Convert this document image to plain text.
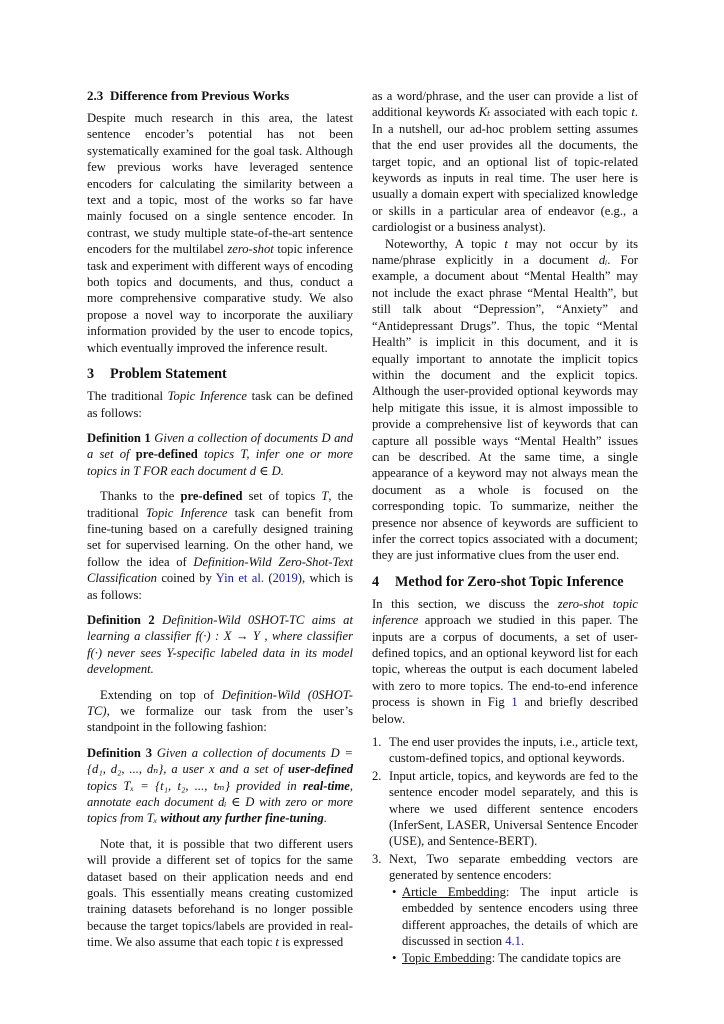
2.3 Difference from Previous Works

Despite much research in this area, the latest sentence encoder’s potential has not been systematically examined for the goal task. Although few previous works have leveraged sentence encoders for calculating the similarity between a text and a topic, most of the works so far have mainly focused on a single sentence encoder. In contrast, we study multiple state-of-the-art sentence encoders for the multilabel zero-shot topic inference task and experiment with different ways of encoding both topics and documents, and thus, conduct a more comprehensive comparative study. We also propose a novel way to incorporate the auxiliary information provided by the user to encode topics, which eventually improved the inference result.

3 Problem Statement

The traditional Topic Inference task can be defined as follows:

Definition 1 Given a collection of documents D and a set of pre-defined topics T, infer one or more topics in T FOR each document d ∈ D.

Thanks to the pre-defined set of topics T, the traditional Topic Inference task can benefit from fine-tuning based on a carefully designed training set for supervised learning. On the other hand, we follow the idea of Definition-Wild Zero-Shot-Text Classification coined by Yin et al. (2019), which is as follows:

Definition 2 Definition-Wild 0SHOT-TC aims at learning a classifier f(·) : X → Y , where classifier f(·) never sees Y-specific labeled data in its model development.

Extending on top of Definition-Wild (0SHOT-TC), we formalize our task from the user’s standpoint in the following fashion:

Definition 3 Given a collection of documents D = {d₁, d₂, ..., dₙ}, a user x and a set of user-defined topics Tₓ = {t₁, t₂, ..., tₘ} provided in real-time, annotate each document dᵢ ∈ D with zero or more topics from Tₓ without any further fine-tuning.

Note that, it is possible that two different users will provide a different set of topics for the same dataset based on their application needs and end goals. This essentially means creating customized training datasets beforehand is no longer possible because the target topics/labels are provided in real-time. We also assume that each topic t is expressed

as a word/phrase, and the user can provide a list of additional keywords Kₜ associated with each topic t. In a nutshell, our ad-hoc problem setting assumes that the end user provides all the documents, the target topic, and an optional list of topic-related keywords as inputs in real time. The user here is usually a domain expert with specialized knowledge or skills in a particular area of endeavor (e.g., a cardiologist or a business analyst).

Noteworthy, A topic t may not occur by its name/phrase explicitly in a document dᵢ. For example, a document about “Mental Health” may not include the exact phrase “Mental Health”, but still talk about “Depression”, “Anxiety” and “Antidepressant Drugs”. Thus, the topic “Mental Health” is implicit in this document, and it is equally important to annotate the implicit topics within the document and the explicit topics. Although the user-provided optional keywords may help mitigate this issue, it is almost impossible to provide a comprehensive list of keywords that can capture all possible ways “Mental Health” issues can be described. At the same time, a single appearance of a keyword may not always mean the document as a whole is focused on the corresponding topic. To summarize, neither the presence nor absence of keywords are sufficient to infer the correct topics associated with a document; they are just informative clues from the user end.

4 Method for Zero-shot Topic Inference

In this section, we discuss the zero-shot topic inference approach we studied in this paper. The inputs are a corpus of documents, a set of user-defined topics, and an optional keyword list for each topic, whereas the output is each document labeled with zero to more topics. The end-to-end inference process is shown in Fig 1 and briefly described below.

1. The end user provides the inputs, i.e., article text, custom-defined topics, and optional keywords.
2. Input article, topics, and keywords are fed to the sentence encoder model separately, and this is where we used different sentence encoders (InferSent, LASER, Universal Sentence Encoder (USE), and Sentence-BERT).
3. Next, Two separate embedding vectors are generated by sentence encoders:
• Article Embedding: The input article is embedded by sentence encoders using three different approaches, the details of which are discussed in section 4.1.
• Topic Embedding: The candidate topics are
